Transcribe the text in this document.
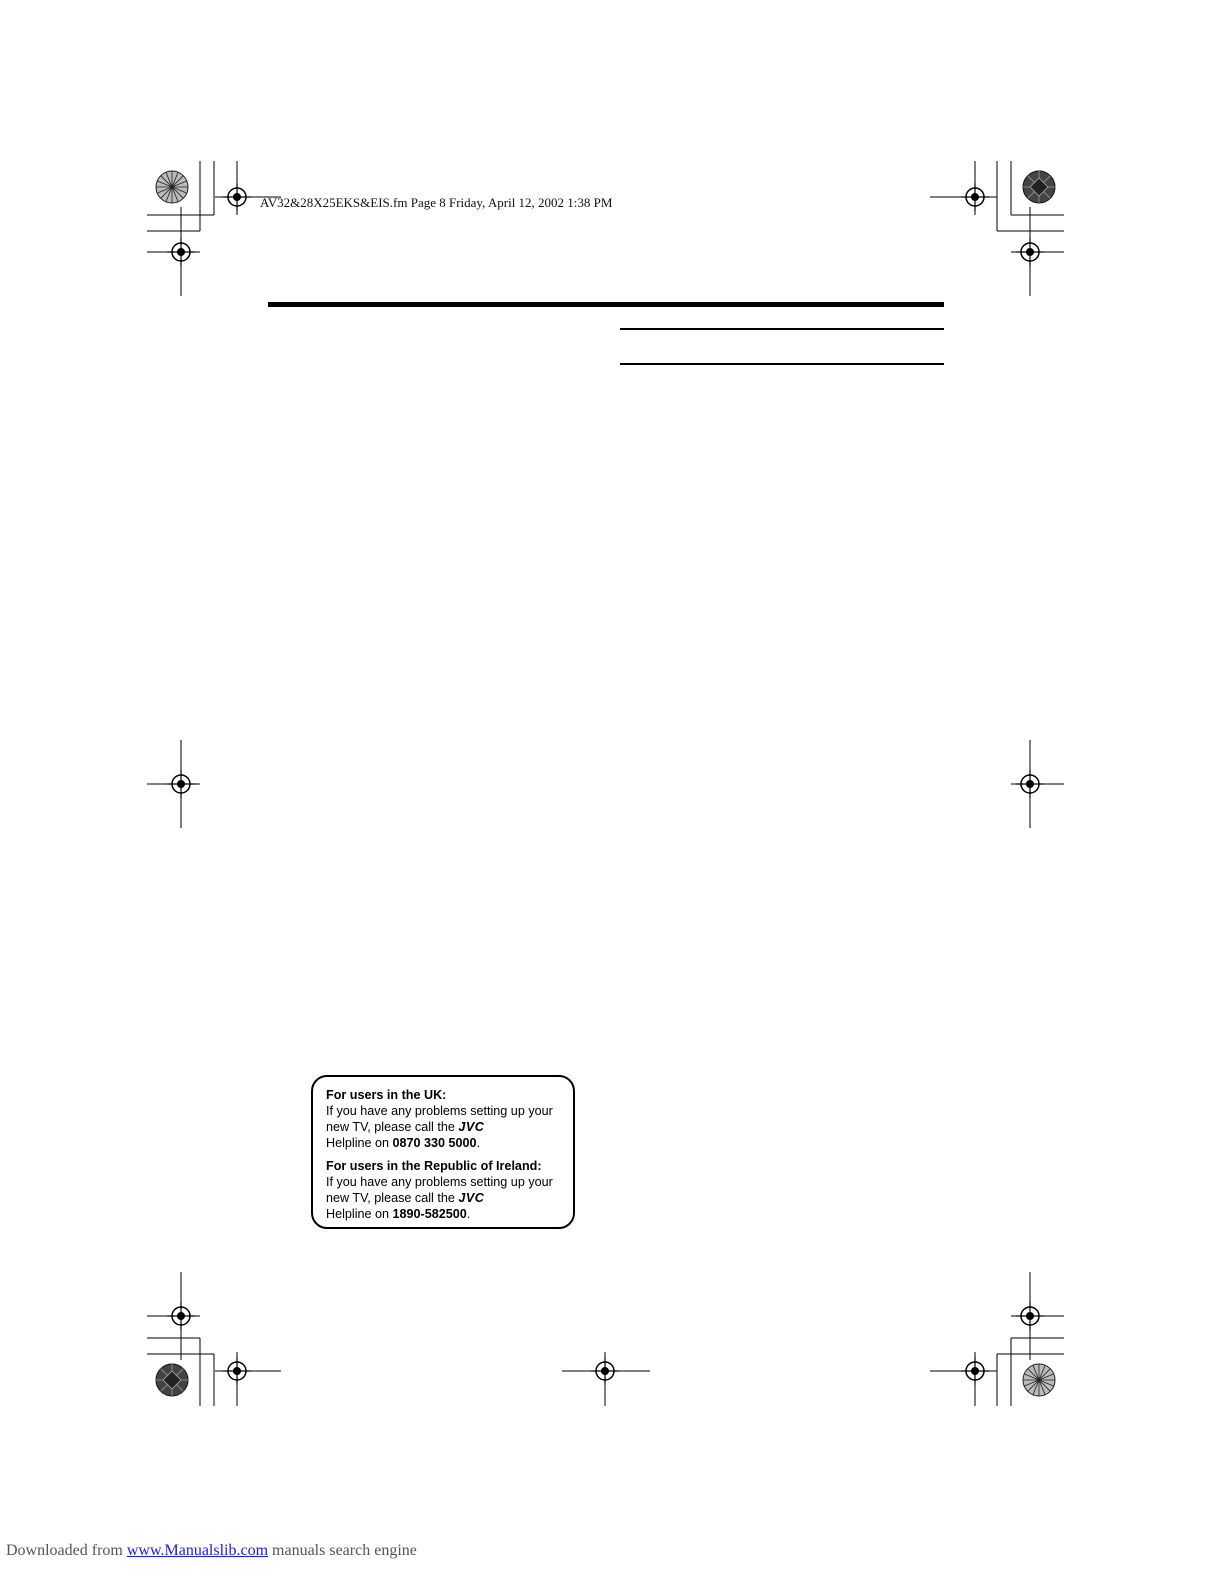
AV32&28X25EKS&EIS.fm Page 8 Friday, April 12, 2002 1:38 PM
For users in the UK:
If you have any problems setting up your
new TV, please call the JVC
Helpline on 0870 330 5000.
For users in the Republic of Ireland:
If you have any problems setting up your
new TV, please call the JVC
Helpline on 1890-582500.
Downloaded from www.Manualslib.com manuals search engine
